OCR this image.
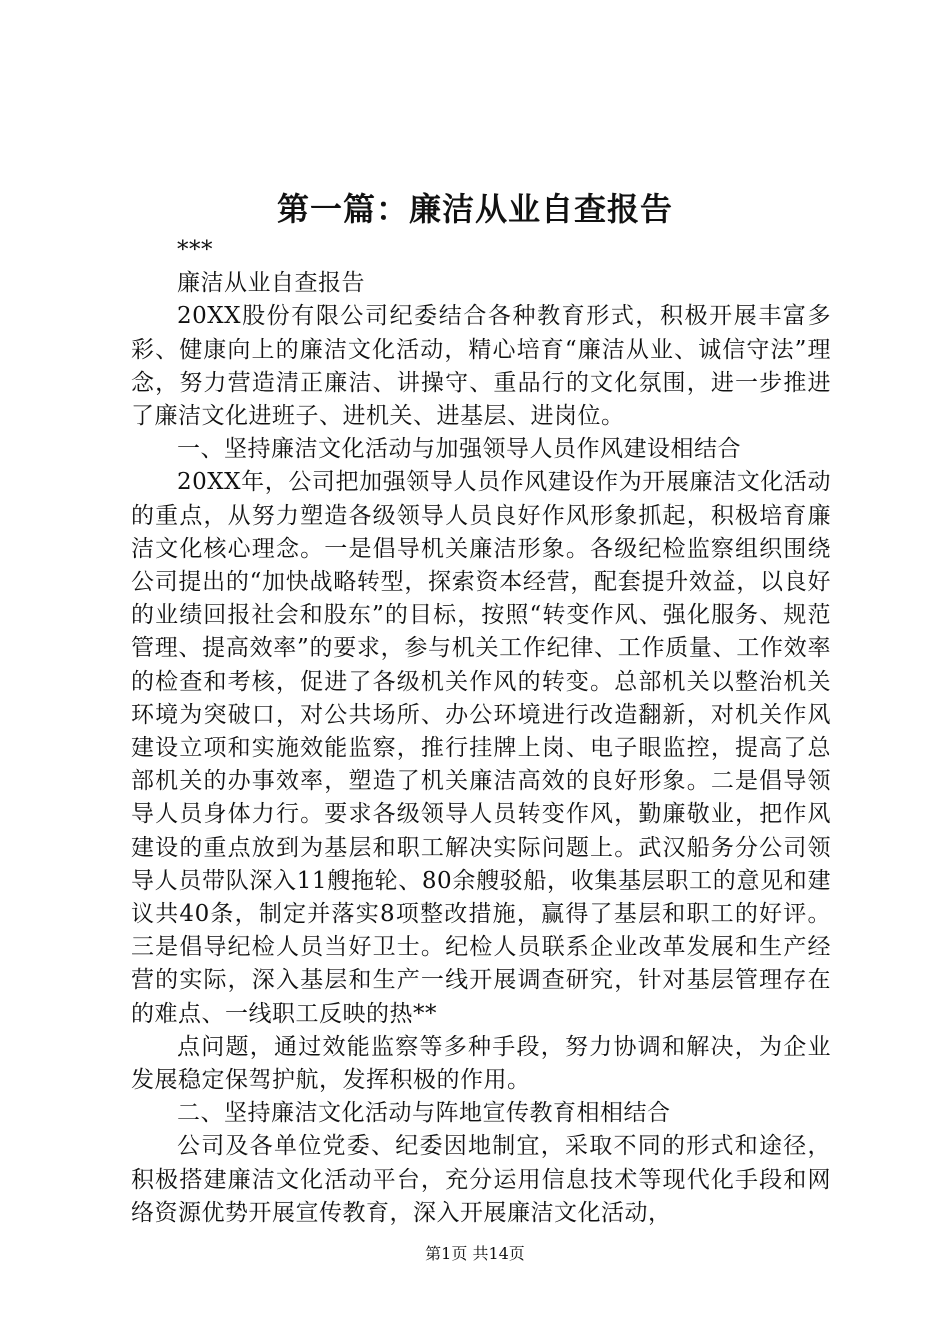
第一篇：廉洁从业自查报告

***

廉洁从业自查报告

20XX股份有限公司纪委结合各种教育形式，积极开展丰富多彩、健康向上的廉洁文化活动，精心培育“廉洁从业、诚信守法”理念，努力营造清正廉洁、讲操守、重品行的文化氛围，进一步推进了廉洁文化进班子、进机关、进基层、进岗位。

一、坚持廉洁文化活动与加强领导人员作风建设相结合

20XX年，公司把加强领导人员作风建设作为开展廉洁文化活动的重点，从努力塑造各级领导人员良好作风形象抓起，积极培育廉洁文化核心理念。一是倡导机关廉洁形象。各级纪检监察组织围绕公司提出的“加快战略转型，探索资本经营，配套提升效益，以良好的业绩回报社会和股东”的目标，按照“转变作风、强化服务、规范管理、提高效率”的要求，参与机关工作纪律、工作质量、工作效率的检查和考核，促进了各级机关作风的转变。总部机关以整治机关环境为突破口，对公共场所、办公环境进行改造翻新，对机关作风建设立项和实施效能监察，推行挂牌上岗、电子眼监控，提高了总部机关的办事效率，塑造了机关廉洁高效的良好形象。二是倡导领导人员身体力行。要求各级领导人员转变作风，勤廉敬业，把作风建设的重点放到为基层和职工解决实际问题上。武汉船务分公司领导人员带队深入11艘拖轮、80余艘驳船，收集基层职工的意见和建议共40条，制定并落实8项整改措施，赢得了基层和职工的好评。三是倡导纪检人员当好卫士。纪检人员联系企业改革发展和生产经营的实际，深入基层和生产一线开展调查研究，针对基层管理存在的难点、一线职工反映的热**

点问题，通过效能监察等多种手段，努力协调和解决，为企业发展稳定保驾护航，发挥积极的作用。

二、坚持廉洁文化活动与阵地宣传教育相相结合

公司及各单位党委、纪委因地制宜，采取不同的形式和途径，积极搭建廉洁文化活动平台，充分运用信息技术等现代化手段和网络资源优势开展宣传教育，深入开展廉洁文化活动，

第1页 共14页
